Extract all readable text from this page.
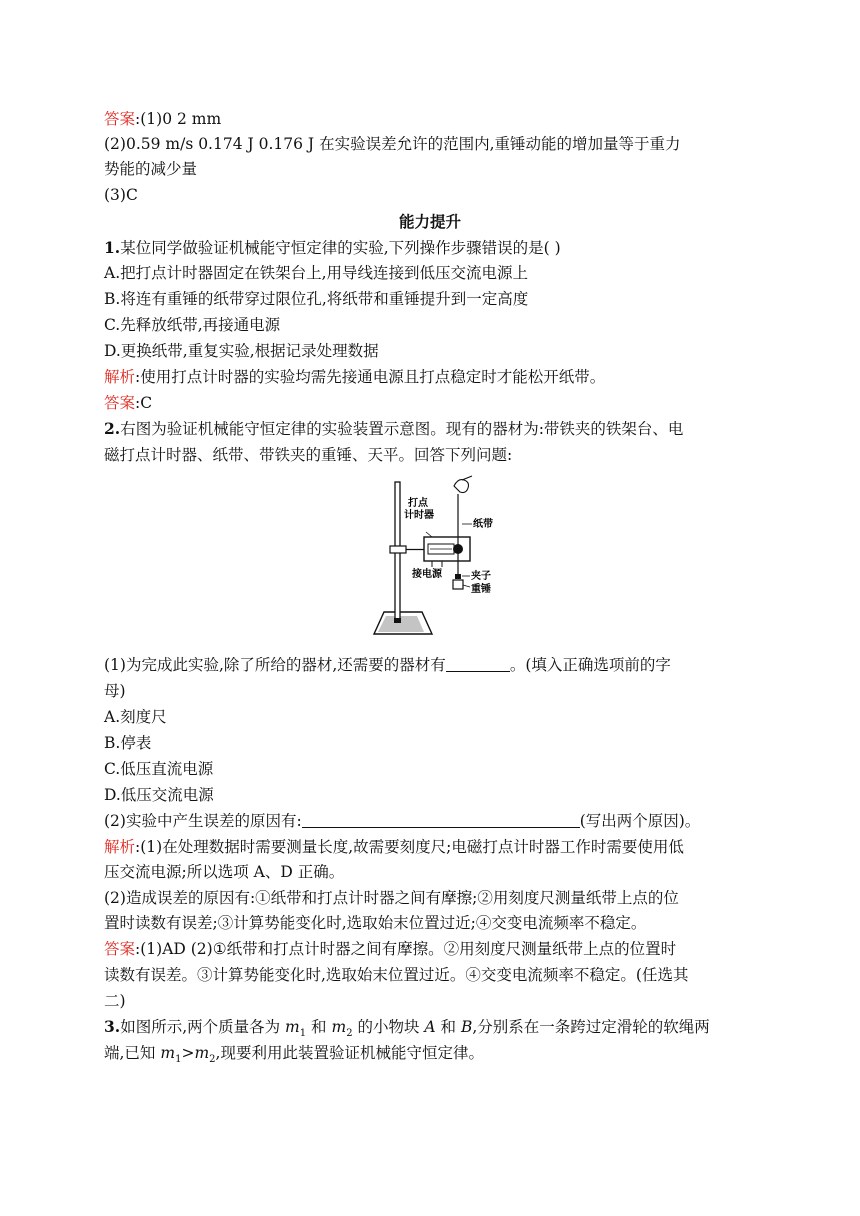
答案:(1)0 2 mm
(2)0.59 m/s 0.174 J 0.176 J 在实验误差允许的范围内,重锤动能的增加量等于重力
势能的减少量
(3)C
能力提升
1.某位同学做验证机械能守恒定律的实验,下列操作步骤错误的是( )
A.把打点计时器固定在铁架台上,用导线连接到低压交流电源上
B.将连有重锤的纸带穿过限位孔,将纸带和重锤提升到一定高度
C.先释放纸带,再接通电源
D.更换纸带,重复实验,根据记录处理数据
解析:使用打点计时器的实验均需先接通电源且打点稳定时才能松开纸带。
答案:C
2.右图为验证机械能守恒定律的实验装置示意图。现有的器材为:带铁夹的铁架台、电
磁打点计时器、纸带、带铁夹的重锤、天平。回答下列问题:
打点
计时器
纸带
接电源	夹子
重锤
(1)为完成此实验,除了所给的器材,还需要的器材有	。(填入正确选项前的字
母)
A.刻度尺
B.停表
C.低压直流电源
D.低压交流电源
(2)实验中产生误差的原因有:	(写出两个原因)。
解析:(1)在处理数据时需要测量长度,故需要刻度尺;电磁打点计时器工作时需要使用低
压交流电源;所以选项 A、D 正确。
(2)造成误差的原因有:①纸带和打点计时器之间有摩擦;②用刻度尺测量纸带上点的位
置时读数有误差;③计算势能变化时,选取始末位置过近;④交变电流频率不稳定。
答案:(1)AD (2)①纸带和打点计时器之间有摩擦。②用刻度尺测量纸带上点的位置时
读数有误差。③计算势能变化时,选取始末位置过近。④交变电流频率不稳定。(任选其
二)
3.如图所示,两个质量各为 $m_1$ 和 $m_2$ 的小物块 A 和 B,分别系在一条跨过定滑轮的软绳两
端,已知 $m_1>m_2$,现要利用此装置验证机械能守恒定律。
